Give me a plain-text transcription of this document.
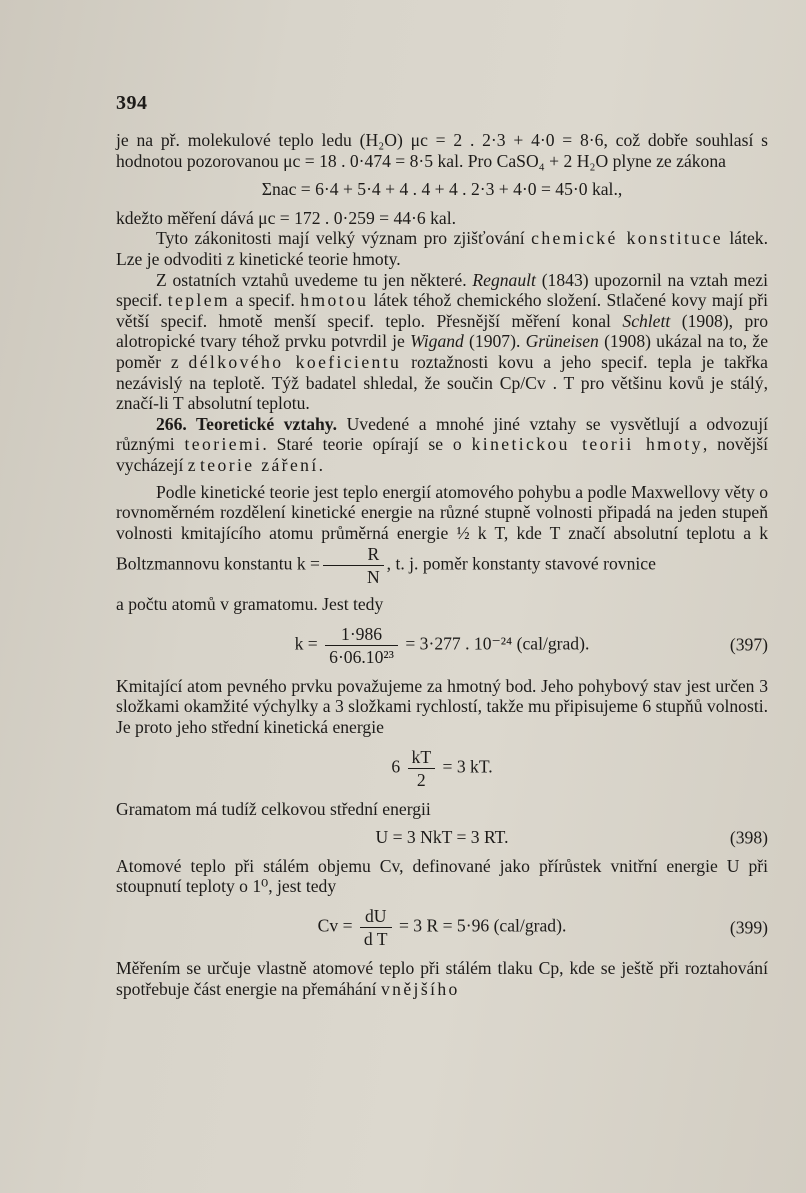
394

je na př. molekulové teplo ledu (H₂O) μc = 2 . 2·3 + 4·0 = 8·6, což dobře souhlasí s hodnotou pozorovanou μc = 18 . 0·474 = 8·5 kal. Pro CaSO₄ + 2 H₂O plyne ze zákona

Σnac = 6·4 + 5·4 + 4 . 4 + 4 . 2·3 + 4·0 = 45·0 kal.,

kdežto měření dává μc = 172 . 0·259 = 44·6 kal.

Tyto zákonitosti mají velký význam pro zjišťování chemické konstituce látek. Lze je odvoditi z kinetické teorie hmoty.

Z ostatních vztahů uvedeme tu jen některé. Regnault (1843) upozornil na vztah mezi specif. teplem a specif. hmotou látek téhož chemického složení. Stlačené kovy mají při větší specif. hmotě menší specif. teplo. Přesnější měření konal Schlett (1908), pro alotropické tvary téhož prvku potvrdil je Wigand (1907). Grüneisen (1908) ukázal na to, že poměr z délkového koeficientu roztažnosti kovu a jeho specif. tepla je takřka nezávislý na teplotě. Týž badatel shledal, že součin Cp/Cv . T pro většinu kovů je stálý, značí-li T absolutní teplotu.

266. Teoretické vztahy. Uvedené a mnohé jiné vztahy se vysvětlují a odvozují různými teoriemi. Staré teorie opírají se o kinetickou teorii hmoty, novější vycházejí z teorie záření.

Podle kinetické teorie jest teplo energií atomového pohybu a podle Maxwellovy věty o rovnoměrném rozdělení kinetické energie na různé stupně volnosti připadá na jeden stupeň volnosti kmitajícího atomu průměrná energie ½ k T, kde T značí absolutní teplotu a k Boltzmannovu konstantu $k = \frac{R}{N}$ , t. j. poměr konstanty stavové rovnice

a počtu atomů v gramatomu. Jest tedy

$k = \frac{1\cdot 986}{\text{6·06.10²³}} = 3\cdot 277$ . 10⁻²⁴ (cal/grad).	(397)

Kmitající atom pevného prvku považujeme za hmotný bod. Jeho pohybový stav jest určen 3 složkami okamžité výchylky a 3 složkami rychlostí, takže mu připisujeme 6 stupňů volnosti. Je proto jeho střední kinetická energie

$6 \frac{kT}{2} = 3$ kT.

Gramatom má tudíž celkovou střední energii

U = 3 NkT = 3 RT.	(398)

Atomové teplo při stálém objemu Cv, definované jako přírůstek vnitřní energie U při stoupnutí teploty o 1⁰, jest tedy

$Cv = \frac{dU}{\text{d T}} = 3$ R = 5·96 (cal/grad).	(399)

Měřením se určuje vlastně atomové teplo při stálém tlaku Cp, kde se ještě při roztahování spotřebuje část energie na přemáhání vnějšího
